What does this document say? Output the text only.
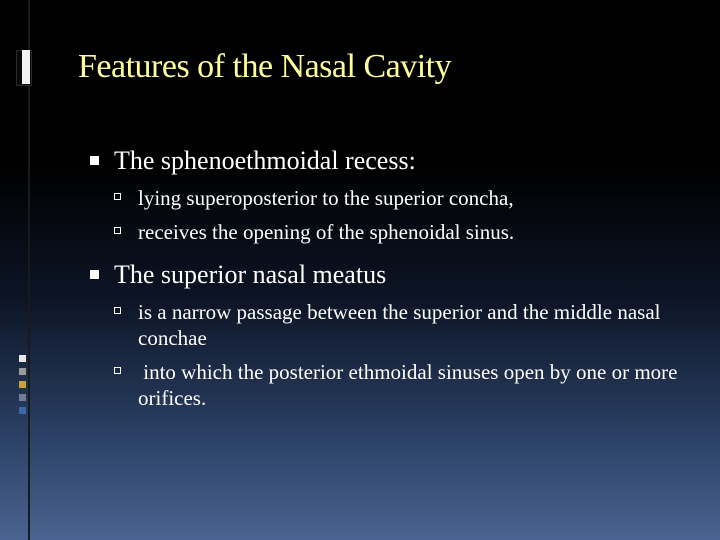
Features of the Nasal Cavity
The sphenoethmoidal recess:
lying superoposterior to the superior concha,
receives the opening of the sphenoidal sinus.
The superior nasal meatus
is a narrow passage between the superior and the middle nasal conchae
into which the posterior ethmoidal sinuses open by one or more orifices.
